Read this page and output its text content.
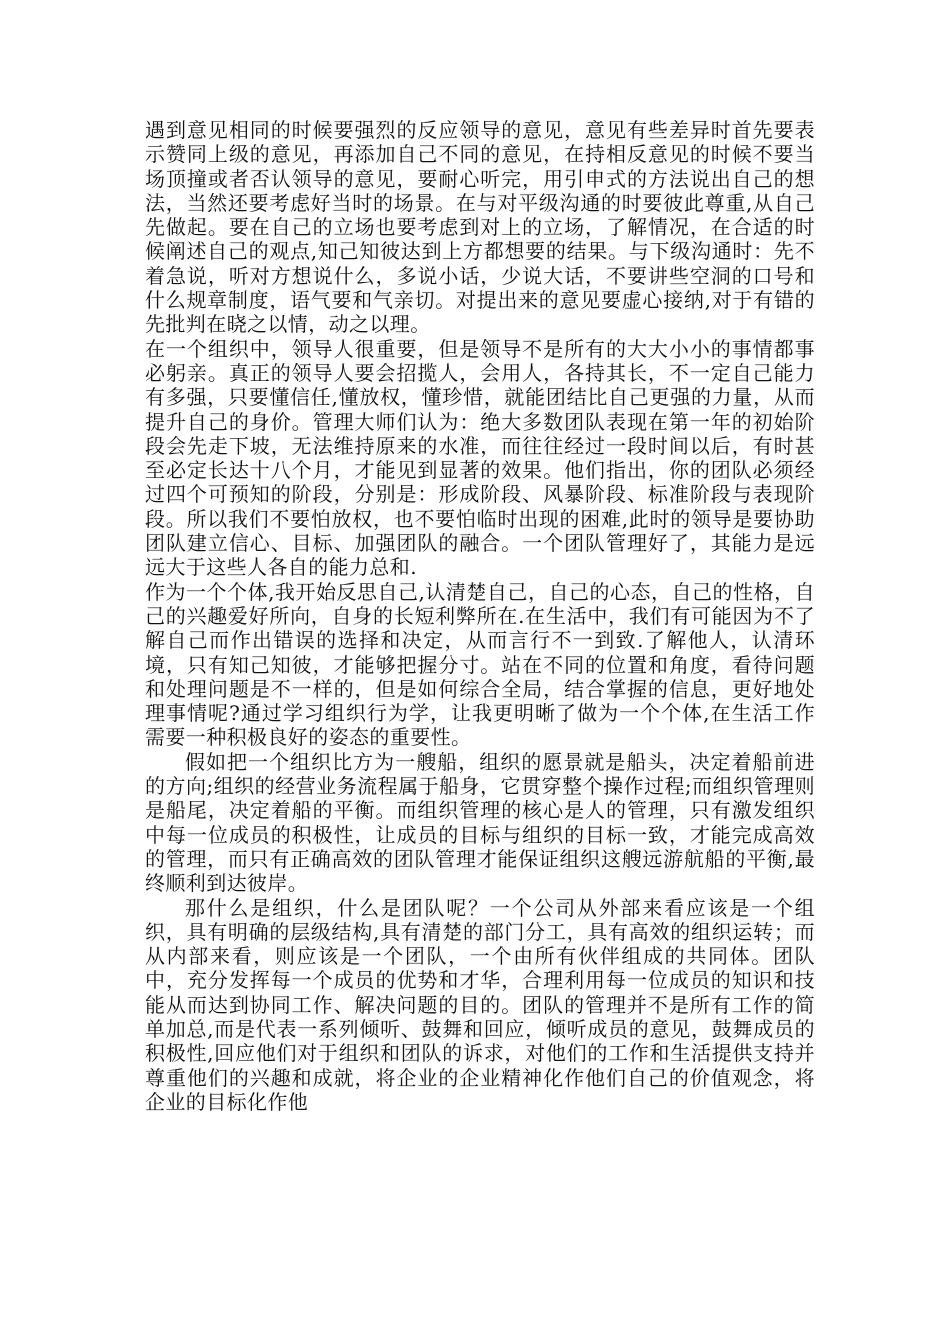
遇到意见相同的时候要强烈的反应领导的意见，意见有些差异时首先要表示赞同上级的意见，再添加自己不同的意见，在持相反意见的时候不要当场顶撞或者否认领导的意见，要耐心听完，用引申式的方法说出自己的想法，当然还要考虑好当时的场景。在与对平级沟通的时要彼此尊重,从自己先做起。要在自己的立场也要考虑到对上的立场，了解情况，在合适的时候阐述自己的观点,知己知彼达到上方都想要的结果。与下级沟通时：先不着急说，听对方想说什么，多说小话，少说大话，不要讲些空洞的口号和什么规章制度，语气要和气亲切。对提出来的意见要虚心接纳,对于有错的先批判在晓之以情，动之以理。

在一个组织中，领导人很重要，但是领导不是所有的大大小小的事情都事必躬亲。真正的领导人要会招揽人，会用人，各持其长，不一定自己能力有多强，只要懂信任,懂放权，懂珍惜，就能团结比自己更强的力量，从而提升自己的身价。管理大师们认为：绝大多数团队表现在第一年的初始阶段会先走下坡，无法维持原来的水准，而往往经过一段时间以后，有时甚至必定长达十八个月，才能见到显著的效果。他们指出，你的团队必须经过四个可预知的阶段，分别是：形成阶段、风暴阶段、标准阶段与表现阶段。所以我们不要怕放权，也不要怕临时出现的困难,此时的领导是要协助团队建立信心、目标、加强团队的融合。一个团队管理好了，其能力是远远大于这些人各自的能力总和.

作为一个个体,我开始反思自己,认清楚自己，自己的心态，自己的性格，自己的兴趣爱好所向，自身的长短利弊所在.在生活中，我们有可能因为不了解自己而作出错误的选择和决定，从而言行不一到致.了解他人，认清环境，只有知己知彼，才能够把握分寸。站在不同的位置和角度，看待问题和处理问题是不一样的，但是如何综合全局，结合掌握的信息，更好地处理事情呢?通过学习组织行为学，让我更明晰了做为一个个体,在生活工作需要一种积极良好的姿态的重要性。

假如把一个组织比方为一艘船，组织的愿景就是船头，决定着船前进的方向;组织的经营业务流程属于船身，它贯穿整个操作过程;而组织管理则是船尾，决定着船的平衡。而组织管理的核心是人的管理，只有激发组织中每一位成员的积极性，让成员的目标与组织的目标一致，才能完成高效的管理，而只有正确高效的团队管理才能保证组织这艘远游航船的平衡,最终顺利到达彼岸。

那什么是组织，什么是团队呢？一个公司从外部来看应该是一个组织，具有明确的层级结构,具有清楚的部门分工，具有高效的组织运转；而从内部来看，则应该是一个团队，一个由所有伙伴组成的共同体。团队中，充分发挥每一个成员的优势和才华，合理利用每一位成员的知识和技能从而达到协同工作、解决问题的目的。团队的管理并不是所有工作的简单加总,而是代表一系列倾听、鼓舞和回应，倾听成员的意见，鼓舞成员的积极性,回应他们对于组织和团队的诉求，对他们的工作和生活提供支持并尊重他们的兴趣和成就，将企业的企业精神化作他们自己的价值观念，将企业的目标化作他
